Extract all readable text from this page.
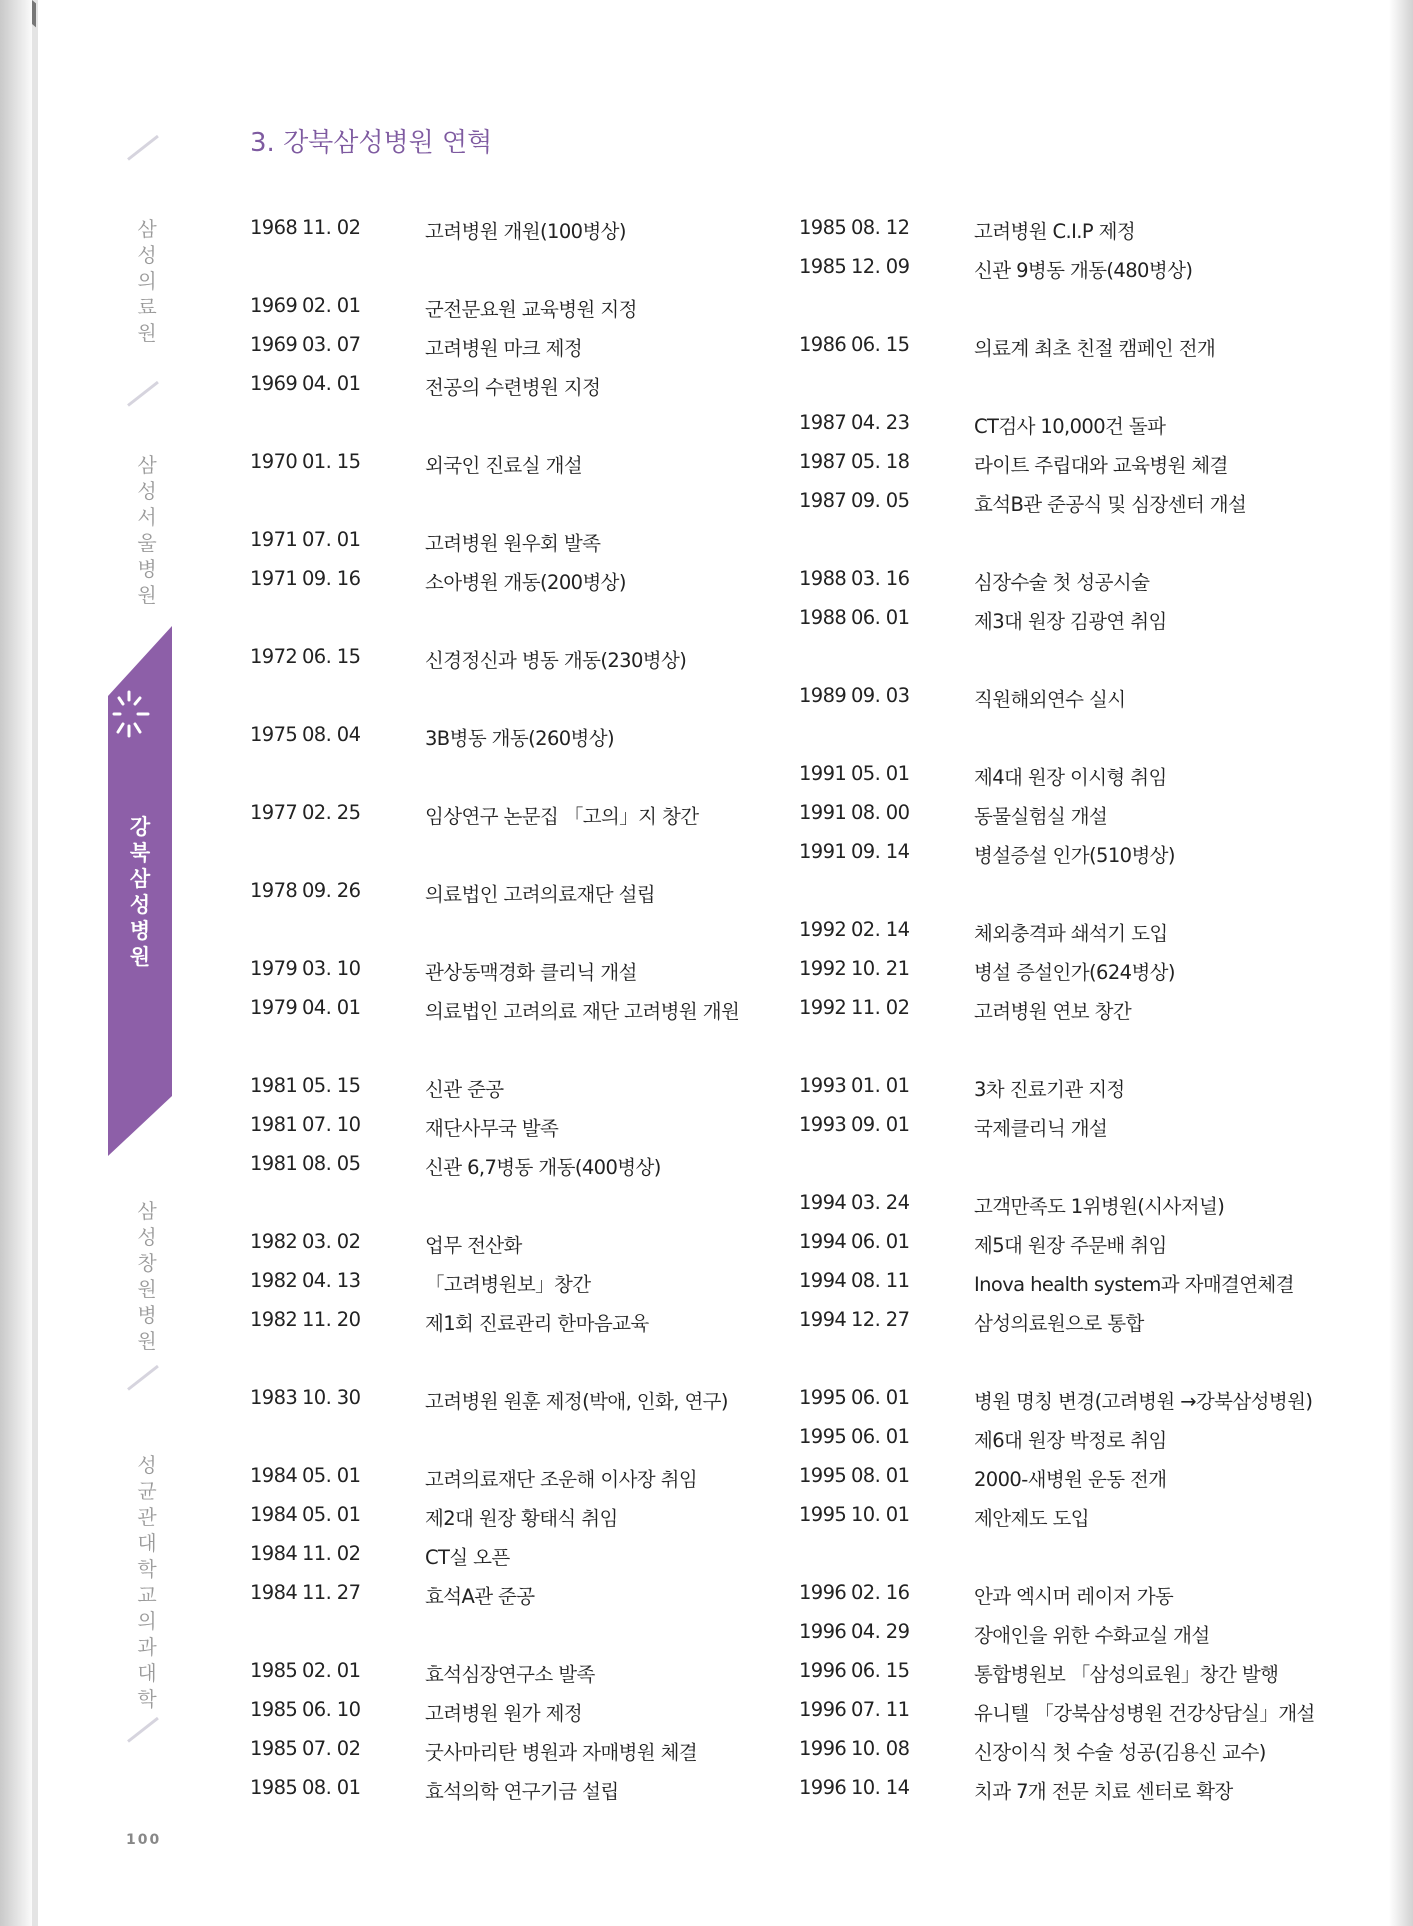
삼성의료원
삼성서울병원
삼성창원병원
성균관대학교 의과대학
강북삼성병원
3. 강북삼성병원 연혁
1968 11. 02	고려병원 개원(100병상)
1969 02. 01	군전문요원 교육병원 지정
1969 03. 07	고려병원 마크 제정
1969 04. 01	전공의 수련병원 지정
1970 01. 15	외국인 진료실 개설
1971 07. 01	고려병원 원우회 발족
1971 09. 16	소아병원 개동(200병상)
1972 06. 15	신경정신과 병동 개동(230병상)
1975 08. 04	3B병동 개동(260병상)
1977 02. 25	임상연구 논문집 「고의」지 창간
1978 09. 26	의료법인 고려의료재단 설립
1979 03. 10	관상동맥경화 클리닉 개설
1979 04. 01	의료법인 고려의료 재단 고려병원 개원
1981 05. 15	신관 준공
1981 07. 10	재단사무국 발족
1981 08. 05	신관 6,7병동 개동(400병상)
1982 03. 02	업무 전산화
1982 04. 13	「고려병원보」창간
1982 11. 20	제1회 진료관리 한마음교육
1983 10. 30	고려병원 원훈 제정(박애, 인화, 연구)
1984 05. 01	고려의료재단 조운해 이사장 취임
1984 05. 01	제2대 원장 황태식 취임
1984 11. 02	CT실 오픈
1984 11. 27	효석A관 준공
1985 02. 01	효석심장연구소 발족
1985 06. 10	고려병원 원가 제정
1985 07. 02	굿사마리탄 병원과 자매병원 체결
1985 08. 01	효석의학 연구기금 설립
1985 08. 12	고려병원 C.I.P 제정
1985 12. 09	신관 9병동 개동(480병상)
1986 06. 15	의료계 최초 친절 캠페인 전개
1987 04. 23	CT검사 10,000건 돌파
1987 05. 18	라이트 주립대와 교육병원 체결
1987 09. 05	효석B관 준공식 및 심장센터 개설
1988 03. 16	심장수술 첫 성공시술
1988 06. 01	제3대 원장 김광연 취임
1989 09. 03	직원해외연수 실시
1991 05. 01	제4대 원장 이시형 취임
1991 08. 00	동물실험실 개설
1991 09. 14	병설증설 인가(510병상)
1992 02. 14	체외충격파 쇄석기 도입
1992 10. 21	병설 증설인가(624병상)
1992 11. 02	고려병원 연보 창간
1993 01. 01	3차 진료기관 지정
1993 09. 01	국제클리닉 개설
1994 03. 24	고객만족도 1위병원(시사저널)
1994 06. 01	제5대 원장 주문배 취임
1994 08. 11	Inova health system과 자매결연체결
1994 12. 27	삼성의료원으로 통합
1995 06. 01	병원 명칭 변경(고려병원 →강북삼성병원)
1995 06. 01	제6대 원장 박정로 취임
1995 08. 01	2000-새병원 운동 전개
1995 10. 01	제안제도 도입
1996 02. 16	안과 엑시머 레이저 가동
1996 04. 29	장애인을 위한 수화교실 개설
1996 06. 15	통합병원보 「삼성의료원」창간 발행
1996 07. 11	유니텔 「강북삼성병원 건강상담실」개설
1996 10. 08	신장이식 첫 수술 성공(김용신 교수)
1996 10. 14	치과 7개 전문 치료 센터로 확장
100
